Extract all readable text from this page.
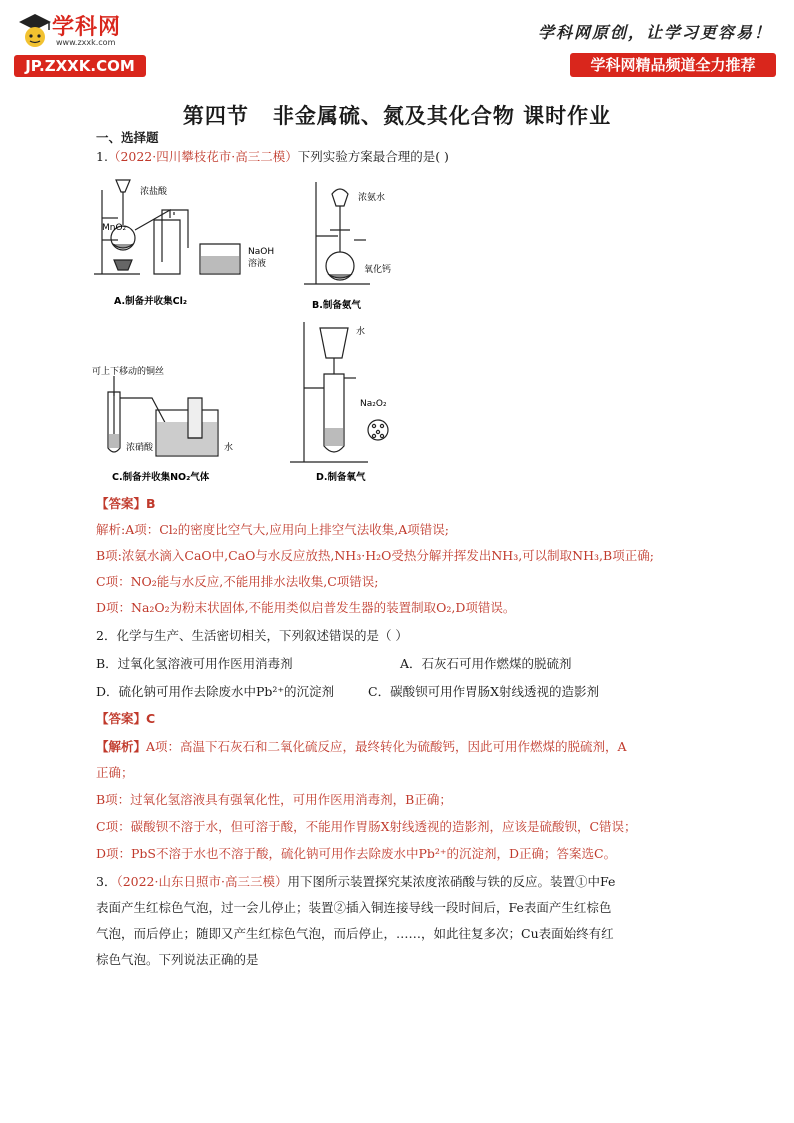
学科网
www.zxxk.com
JP.ZXXK.COM
学科网原创，让学习更容易！
学科网精品频道全力推荐
第四节 非金属硫、氮及其化合物 课时作业
一、选择题
1.（2022·四川攀枝花市·高三二模）下列实验方案最合理的是( )
浓盐酸
MnO₂
NaOH
溶液
A.制备并收集Cl₂
浓氨水
氧化钙
B.制备氨气
可上下移动的铜丝
浓硝酸	水
C.制备并收集NO₂气体
水
Na₂O₂
D.制备氧气
【答案】B
解析:A项：Cl₂的密度比空气大,应用向上排空气法收集,A项错误;
B项:浓氨水滴入CaO中,CaO与水反应放热,NH₃·H₂O受热分解并挥发出NH₃,可以制取NH₃,B项正确;
C项：NO₂能与水反应,不能用排水法收集,C项错误;
D项：Na₂O₂为粉末状固体,不能用类似启普发生器的装置制取O₂,D项错误。
2．化学与生产、生活密切相关，下列叙述错误的是（ ）
B．过氧化氢溶液可用作医用消毒剂	A．石灰石可用作燃煤的脱硫剂
D．硫化钠可用作去除废水中Pb²⁺的沉淀剂	C．碳酸钡可用作胃肠X射线透视的造影剂
【答案】C
【解析】A项：高温下石灰石和二氧化硫反应，最终转化为硫酸钙，因此可用作燃煤的脱硫剂，A
正确；
B项：过氧化氢溶液具有强氧化性，可用作医用消毒剂，B正确；
C项：碳酸钡不溶于水，但可溶于酸，不能用作胃肠X射线透视的造影剂，应该是硫酸钡，C错误；
D项：PbS不溶于水也不溶于酸，硫化钠可用作去除废水中Pb²⁺的沉淀剂，D正确；答案选C。
3．（2022·山东日照市·高三三模）用下图所示装置探究某浓度浓硝酸与铁的反应。装置①中Fe
表面产生红棕色气泡，过一会儿停止；装置②插入铜连接导线一段时间后，Fe表面产生红棕色
气泡，而后停止；随即又产生红棕色气泡，而后停止，……，如此往复多次；Cu表面始终有红
棕色气泡。下列说法正确的是
